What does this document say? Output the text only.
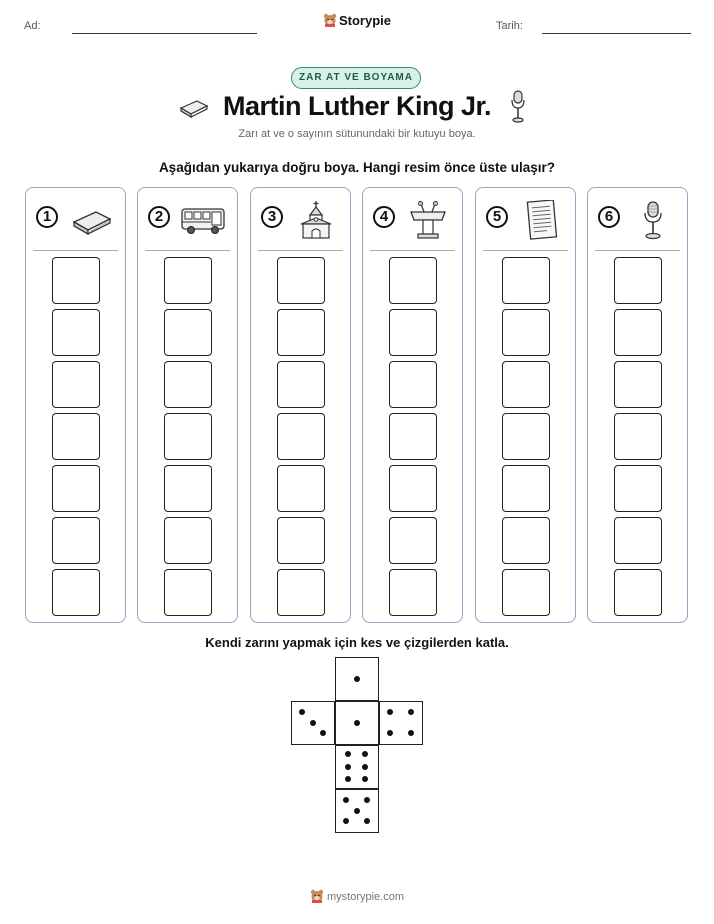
Ad:	Storypie	Tarih:
ZAR AT VE BOYAMA
Martin Luther King Jr.
Zarı at ve o sayının sütunundaki bir kutuyu boya.
Aşağıdan yukarıya doğru boya. Hangi resim önce üste ulaşır?
1	2	3	4	5	6
Kendi zarını yapmak için kes ve çizgilerden katla.
mystorypie.com
